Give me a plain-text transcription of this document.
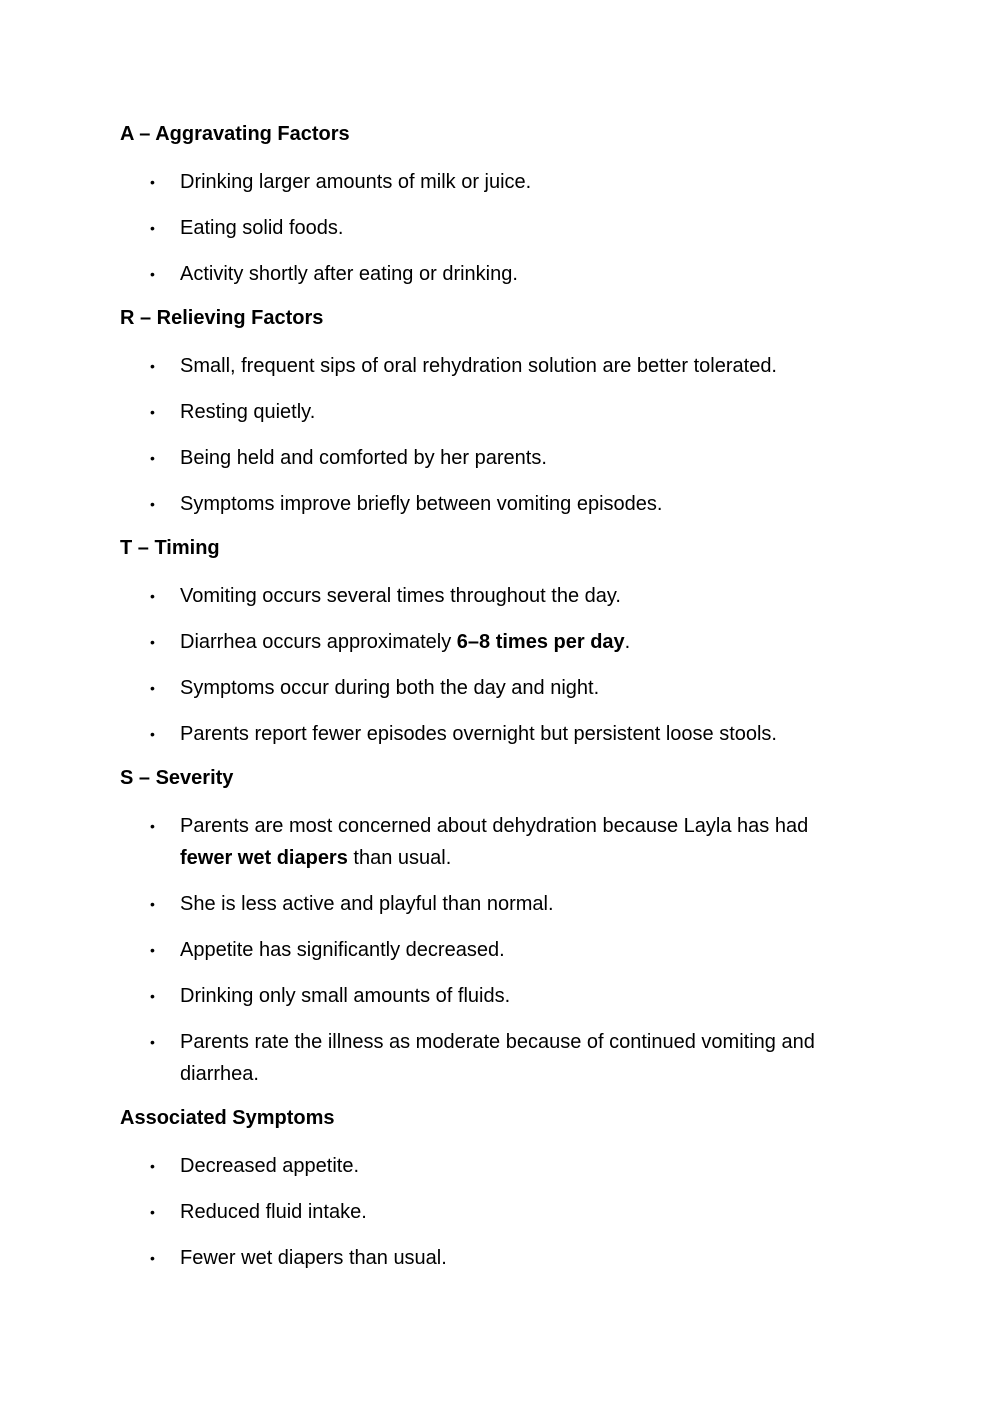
A – Aggravating Factors
• Drinking larger amounts of milk or juice.
• Eating solid foods.
• Activity shortly after eating or drinking.
R – Relieving Factors
• Small, frequent sips of oral rehydration solution are better tolerated.
• Resting quietly.
• Being held and comforted by her parents.
• Symptoms improve briefly between vomiting episodes.
T – Timing
• Vomiting occurs several times throughout the day.
• Diarrhea occurs approximately 6–8 times per day.
• Symptoms occur during both the day and night.
• Parents report fewer episodes overnight but persistent loose stools.
S – Severity
• Parents are most concerned about dehydration because Layla has had fewer wet diapers than usual.
• She is less active and playful than normal.
• Appetite has significantly decreased.
• Drinking only small amounts of fluids.
• Parents rate the illness as moderate because of continued vomiting and diarrhea.
Associated Symptoms
• Decreased appetite.
• Reduced fluid intake.
• Fewer wet diapers than usual.
